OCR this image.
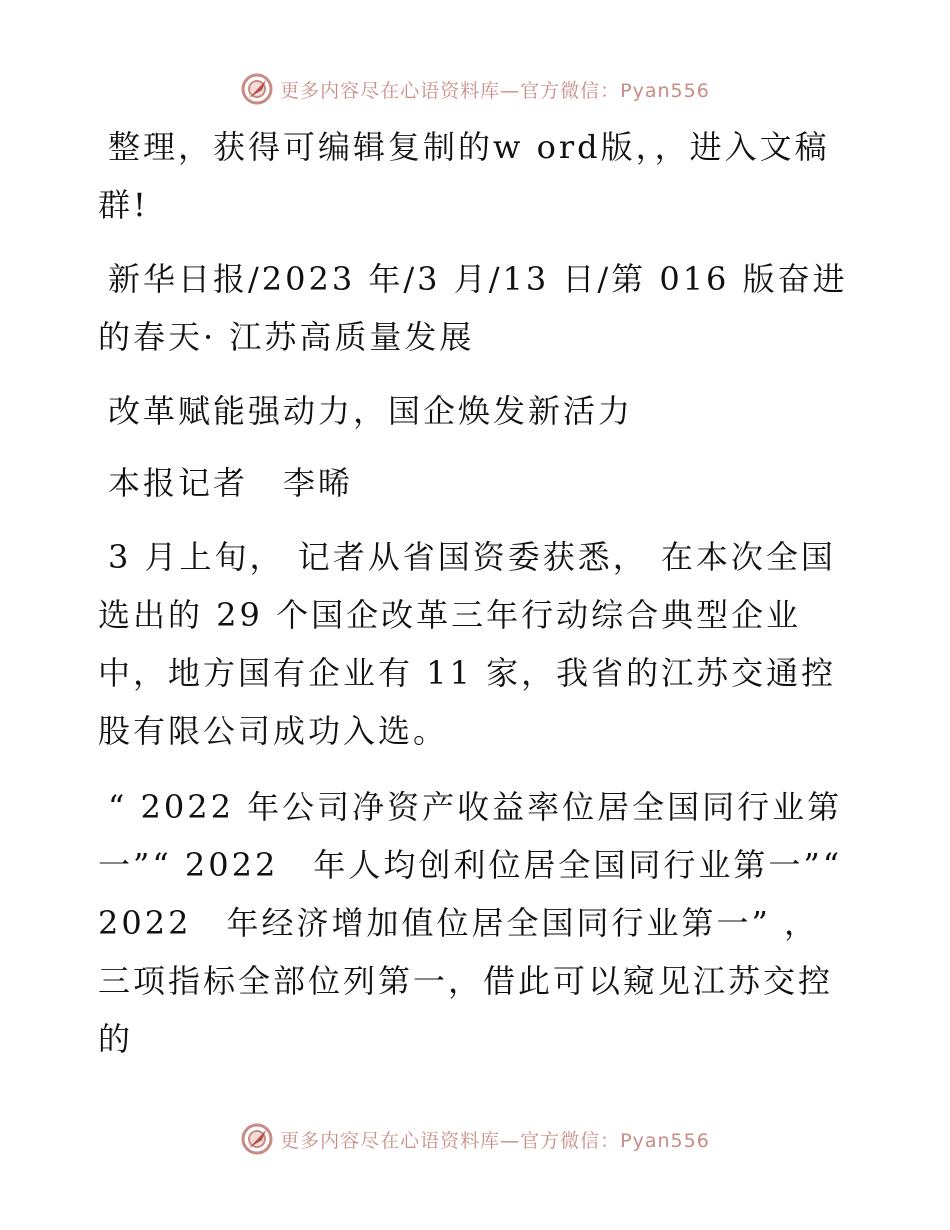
更多内容尽在心语资料库—官方微信：Pyan556

整理，获得可编辑复制的w ord版，，进入文稿群!

新华日报/2023 年/3 月/13 日/第 016 版奋进的春天· 江苏高质量发展

改革赋能强动力，国企焕发新活力

本报记者　李晞

3 月上旬， 记者从省国资委获悉， 在本次全国选出的 29 个国企改革三年行动综合典型企业中，地方国有企业有 11 家，我省的江苏交通控股有限公司成功入选。

“ 2022 年公司净资产收益率位居全国同行业第一”“ 2022　年人均创利位居全国同行业第一”“ 2022　年经济增加值位居全国同行业第一” ，三项指标全部位列第一，借此可以窥见江苏交控的

更多内容尽在心语资料库—官方微信：Pyan556
